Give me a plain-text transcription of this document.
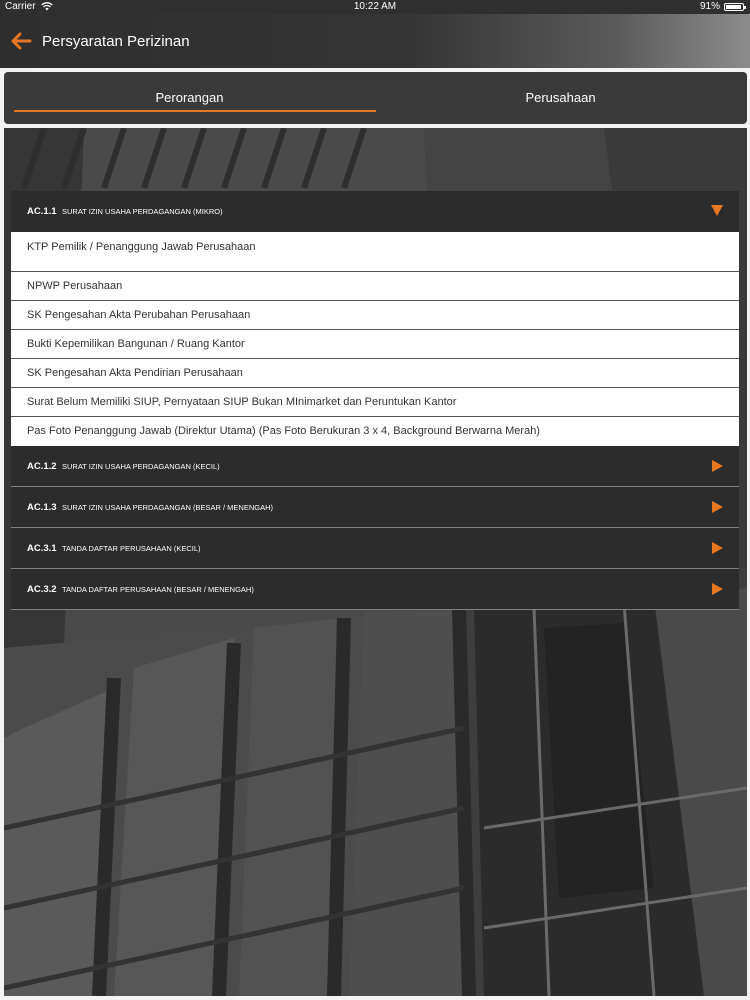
Carrier	10:22 AM	91%
Persyaratan Perizinan
Perorangan	Perusahaan
AC.1.1 SURAT IZIN USAHA PERDAGANGAN (MIKRO)
KTP Pemilik / Penanggung Jawab Perusahaan
NPWP Perusahaan
SK Pengesahan Akta Perubahan Perusahaan
Bukti Kepemilikan Bangunan / Ruang Kantor
SK Pengesahan Akta Pendirian Perusahaan
Surat Belum Memiliki SIUP, Pernyataan SIUP Bukan MInimarket dan Peruntukan Kantor
Pas Foto Penanggung Jawab (Direktur Utama) (Pas Foto Berukuran 3 x 4, Background Berwarna Merah)
AC.1.2 SURAT IZIN USAHA PERDAGANGAN (KECIL)
AC.1.3 SURAT IZIN USAHA PERDAGANGAN (BESAR / MENENGAH)
AC.3.1 TANDA DAFTAR PERUSAHAAN (KECIL)
AC.3.2 TANDA DAFTAR PERUSAHAAN (BESAR / MENENGAH)
